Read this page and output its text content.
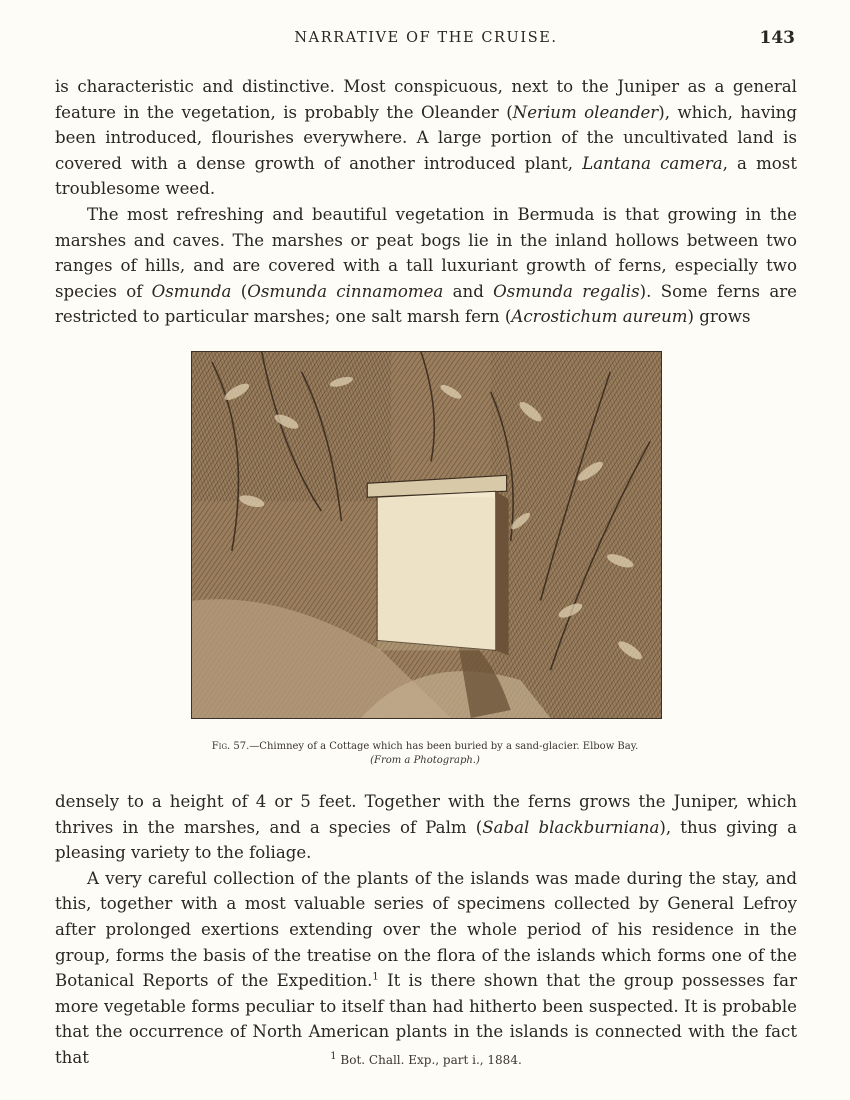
NARRATIVE OF THE CRUISE.	143

is characteristic and distinctive. Most conspicuous, next to the Juniper as a general feature in the vegetation, is probably the Oleander (Nerium oleander), which, having been introduced, flourishes everywhere. A large portion of the uncultivated land is covered with a dense growth of another introduced plant, Lantana camera, a most troublesome weed.

The most refreshing and beautiful vegetation in Bermuda is that growing in the marshes and caves. The marshes or peat bogs lie in the inland hollows between two ranges of hills, and are covered with a tall luxuriant growth of ferns, especially two species of Osmunda (Osmunda cinnamomea and Osmunda regalis). Some ferns are restricted to particular marshes; one salt marsh fern (Acrostichum aureum) grows

Fig. 57.—Chimney of a Cottage which has been buried by a sand-glacier. Elbow Bay.
(From a Photograph.)

densely to a height of 4 or 5 feet. Together with the ferns grows the Juniper, which thrives in the marshes, and a species of Palm (Sabal blackburniana), thus giving a pleasing variety to the foliage.

A very careful collection of the plants of the islands was made during the stay, and this, together with a most valuable series of specimens collected by General Lefroy after prolonged exertions extending over the whole period of his residence in the group, forms the basis of the treatise on the flora of the islands which forms one of the Botanical Reports of the Expedition.$^1$ It is there shown that the group possesses far more vegetable forms peculiar to itself than had hitherto been suspected. It is probable that the occurrence of North American plants in the islands is connected with the fact that	$^1$ Bot. Chall. Exp., part i., 1884.
